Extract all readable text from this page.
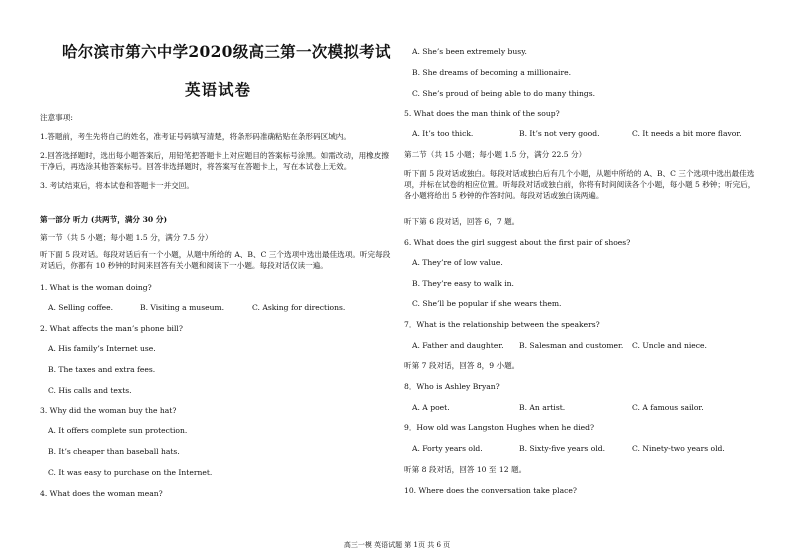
哈尔滨市第六中学2020级高三第一次模拟考试
英语试卷
注意事项:
1.答题前，考生先将自己的姓名，准考证号码填写清楚，将条形码准确粘贴在条形码区域内。
2.回答选择题时，选出每小题答案后，用铅笔把答题卡上对应题目的答案标号涂黑。如需改动，用橡皮擦干净后，再选涂其他答案标号。回答非选择题时，将答案写在答题卡上，写在本试卷上无效。
3. 考试结束后，将本试卷和答题卡一并交回。
第一部分 听力 (共两节，满分 30 分)
第一节（共 5 小题；每小题 1.5 分，满分 7.5 分）
听下面 5 段对话。每段对话后有一个小题，从题中所给的 A、B、C 三个选项中选出最佳选项。听完每段对话后，你都有 10 秒钟的时间来回答有关小题和阅读下一小题。每段对话仅读一遍。
1. What is the woman doing?
A. Selling coffee.	B. Visiting a museum.	C. Asking for directions.
2. What affects the man’s phone bill?
A. His family’s Internet use.
B. The taxes and extra fees.
C. His calls and texts.
3. Why did the woman buy the hat?
A. It offers complete sun protection.
B. It’s cheaper than baseball hats.
C. It was easy to purchase on the Internet.
4. What does the woman mean?
A. She’s been extremely busy.
B. She dreams of becoming a millionaire.
C. She’s proud of being able to do many things.
5. What does the man think of the soup?
A. It’s too thick.	B. It’s not very good.	C. It needs a bit more flavor.
第二节（共 15 小题；每小题 1.5 分，满分 22.5 分）
听下面 5 段对话或独白。每段对话或独白后有几个小题，从题中所给的 A、B、C 三个选项中选出最佳选项，并标在试卷的相应位置。听每段对话或独白前，你将有时间阅读各个小题，每小题 5 秒钟；听完后，各小题将给出 5 秒钟的作答时间。每段对话或独白读两遍。
听下第 6 段对话，回答 6，7 题。
6. What does the girl suggest about the first pair of shoes?
A. They’re of low value.
B. They’re easy to walk in.
C. She’ll be popular if she wears them.
7．What is the relationship between the speakers?
A. Father and daughter. B. Salesman and customer. C. Uncle and niece.
听第 7 段对话，回答 8，9 小题。
8．Who is Ashley Bryan?
A. A poet.	B. An artist.	C. A famous sailor.
9．How old was Langston Hughes when he died?
A. Forty years old.	B. Sixty-five years old.	C. Ninety-two years old.
听第 8 段对话，回答 10 至 12 题。
10. Where does the conversation take place?
高三一模 英语试题 第 1页 共 6 页
